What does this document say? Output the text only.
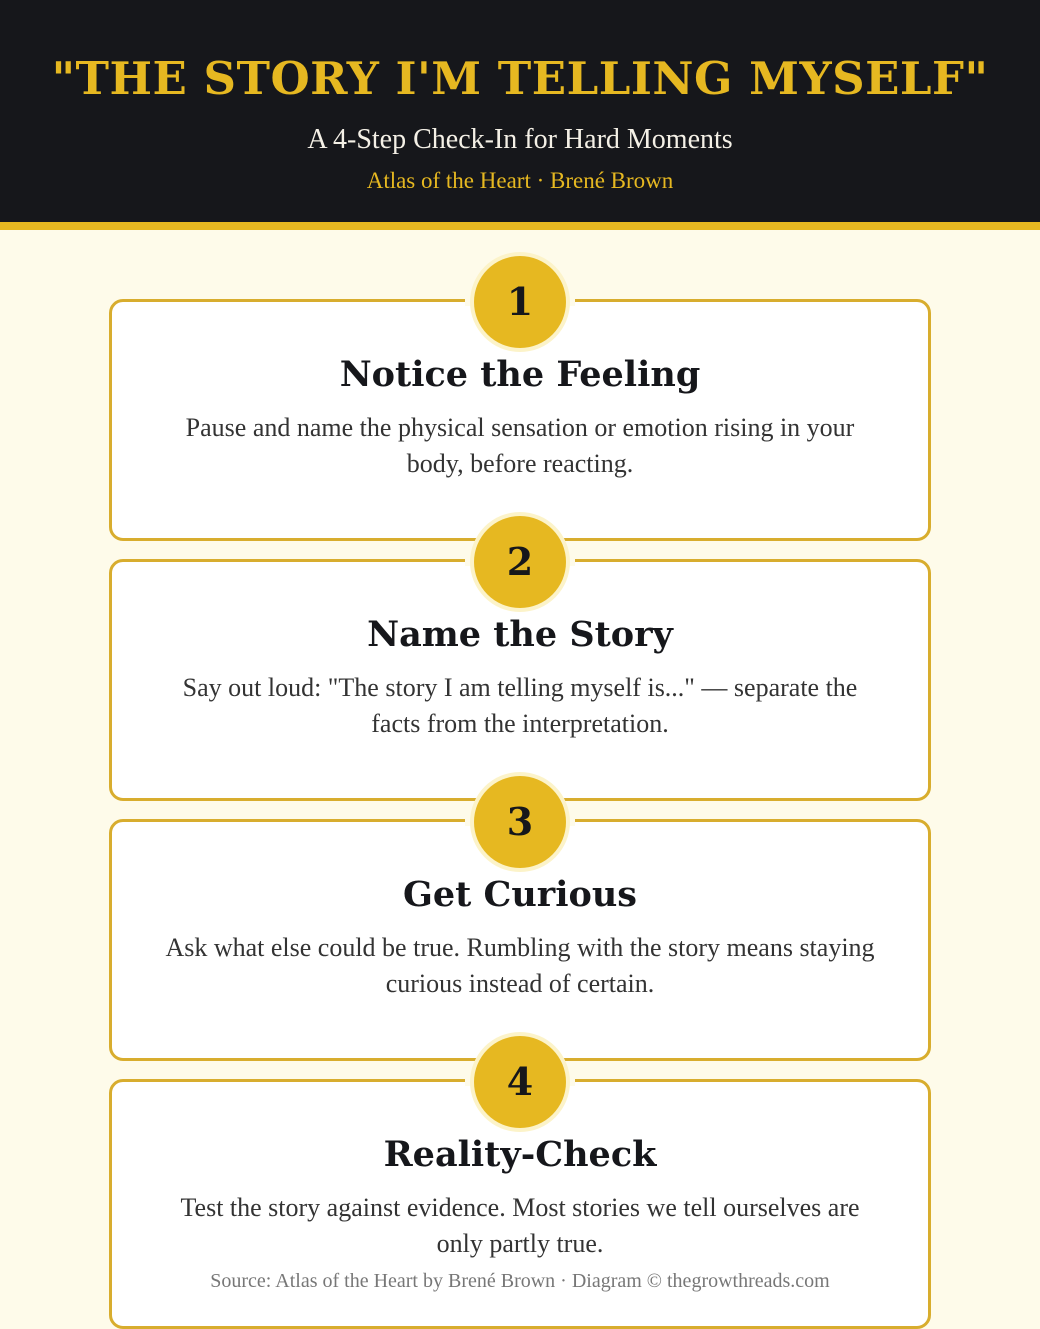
"THE STORY I'M TELLING MYSELF"
A 4-Step Check-In for Hard Moments
Atlas of the Heart · Brené Brown
Notice the Feeling
Pause and name the physical sensation or emotion rising in your body, before reacting.
1
Name the Story
Say out loud: "The story I am telling myself is..." — separate the facts from the interpretation.
2
Get Curious
Ask what else could be true. Rumbling with the story means staying curious instead of certain.
3
Reality-Check
Test the story against evidence. Most stories we tell ourselves are only partly true.
4
Source: Atlas of the Heart by Brené Brown · Diagram © thegrowthreads.com
